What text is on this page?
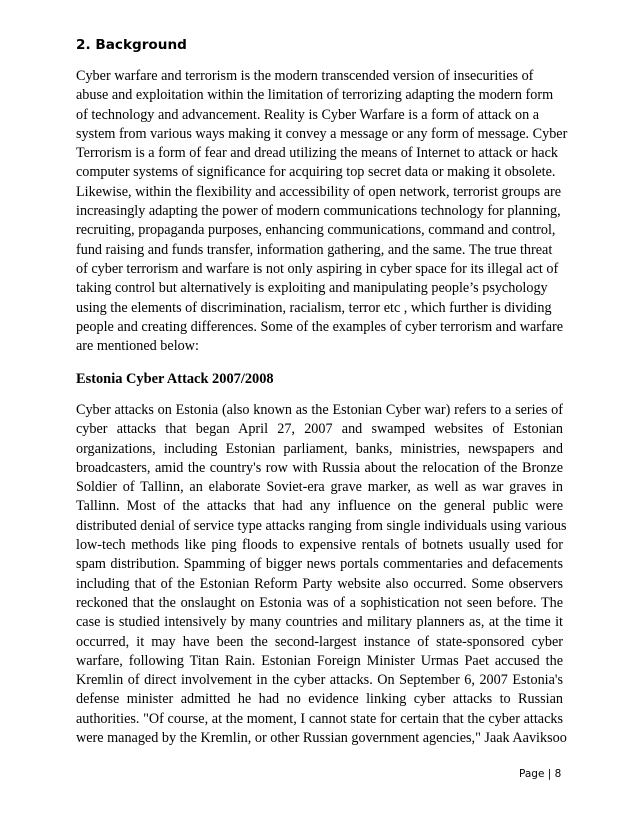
2. Background

Cyber warfare and terrorism is the modern transcended version of insecurities of
abuse and exploitation within the limitation of terrorizing adapting the modern form
of technology and advancement. Reality is Cyber Warfare is a form of attack on a
system from various ways making it convey a message or any form of message. Cyber
Terrorism is a form of fear and dread utilizing the means of Internet to attack or hack
computer systems of significance for acquiring top secret data or making it obsolete.
Likewise, within the flexibility and accessibility of open network, terrorist groups are
increasingly adapting the power of modern communications technology for planning,
recruiting, propaganda purposes, enhancing communications, command and control,
fund raising and funds transfer, information gathering, and the same. The true threat
of cyber terrorism and warfare is not only aspiring in cyber space for its illegal act of
taking control but alternatively is exploiting and manipulating people’s psychology
using the elements of discrimination, racialism, terror etc , which further is dividing
people and creating differences. Some of the examples of cyber terrorism and warfare
are mentioned below:

Estonia Cyber Attack 2007/2008

Cyber attacks on Estonia (also known as the Estonian Cyber war) refers to a series of
cyber attacks that began April 27, 2007 and swamped websites of Estonian
organizations, including Estonian parliament, banks, ministries, newspapers and
broadcasters, amid the country's row with Russia about the relocation of the Bronze
Soldier of Tallinn, an elaborate Soviet-era grave marker, as well as war graves in
Tallinn. Most of the attacks that had any influence on the general public were
distributed denial of service type attacks ranging from single individuals using various
low-tech methods like ping floods to expensive rentals of botnets usually used for
spam distribution. Spamming of bigger news portals commentaries and defacements
including that of the Estonian Reform Party website also occurred. Some observers
reckoned that the onslaught on Estonia was of a sophistication not seen before. The
case is studied intensively by many countries and military planners as, at the time it
occurred, it may have been the second-largest instance of state-sponsored cyber
warfare, following Titan Rain. Estonian Foreign Minister Urmas Paet accused the
Kremlin of direct involvement in the cyber attacks. On September 6, 2007 Estonia's
defense minister admitted he had no evidence linking cyber attacks to Russian
authorities. "Of course, at the moment, I cannot state for certain that the cyber attacks
were managed by the Kremlin, or other Russian government agencies," Jaak Aaviksoo

Page | 8
